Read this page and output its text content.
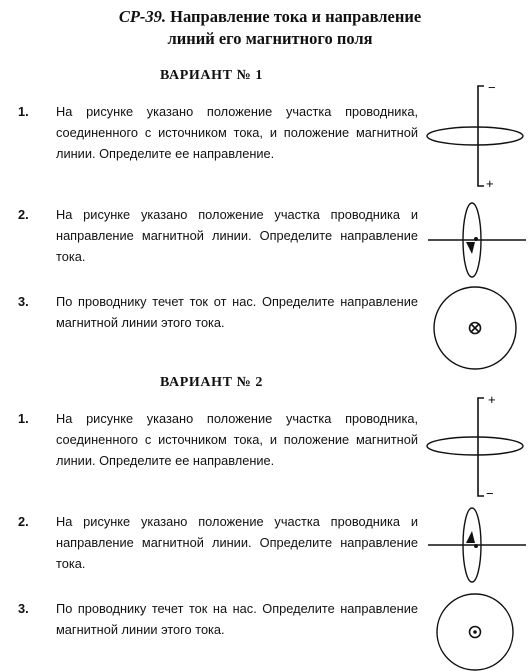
СР-39. Направление тока и направление
линий его магнитного поля
ВАРИАНТ № 1
1. На рисунке указано положение участка проводника, соединенного с источником тока, и положение магнитной линии. Определите ее направление.
2. На рисунке указано положение участка проводника и направление магнитной линии. Определите направление тока.
3. По проводнику течет ток от нас. Определите направление магнитной линии этого тока.
−
+
ВАРИАНТ № 2
1. На рисунке указано положение участка проводника, соединенного с источником тока, и положение магнитной линии. Определите ее направление.
2. На рисунке указано положение участка проводника и направление магнитной линии. Определите направление тока.
3. По проводнику течет ток на нас. Определите направление магнитной линии этого тока.
+
−
